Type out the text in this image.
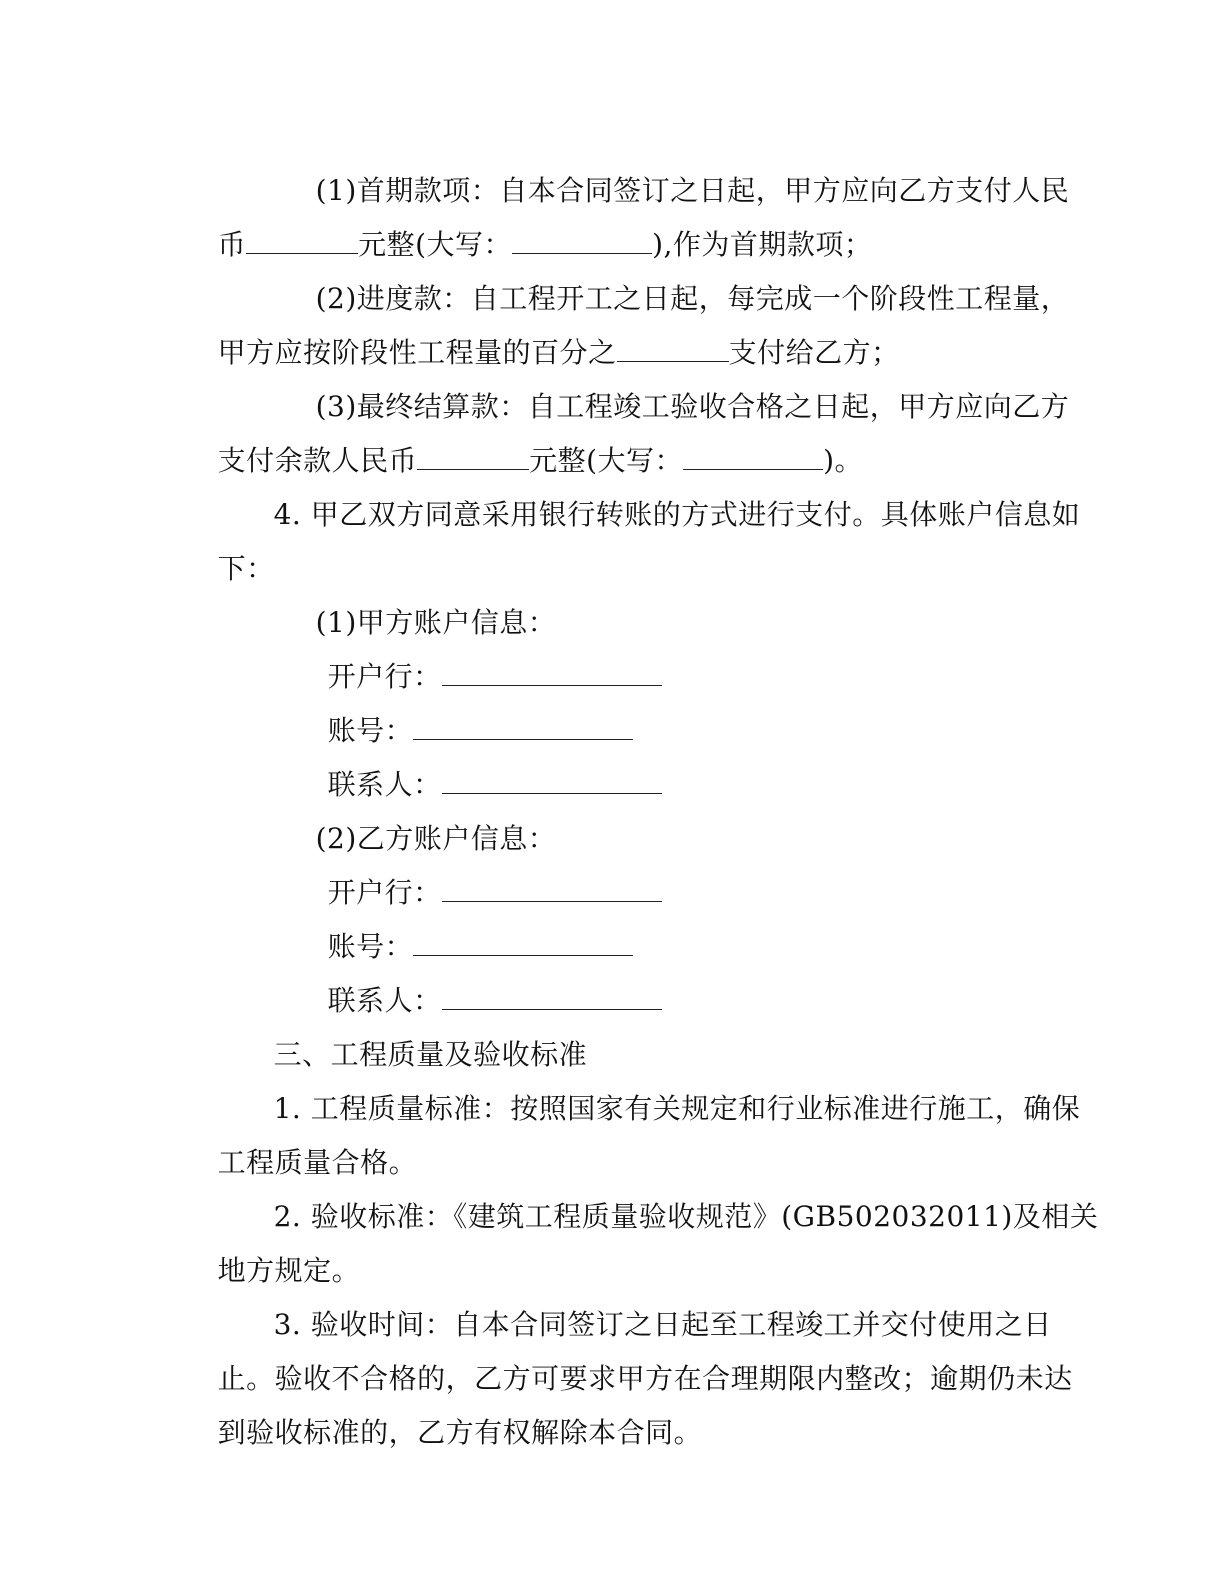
(1)首期款项：自本合同签订之日起，甲方应向乙方支付人民

币	元整(大写：	),作为首期款项；

(2)进度款：自工程开工之日起，每完成一个阶段性工程量，

甲方应按阶段性工程量的百分之	支付给乙方；

(3)最终结算款：自工程竣工验收合格之日起，甲方应向乙方

支付余款人民币	元整(大写：	)。

4. 甲乙双方同意采用银行转账的方式进行支付。具体账户信息如

下：

(1)甲方账户信息：

开户行：

账号：

联系人：

(2)乙方账户信息：

开户行：

账号：

联系人：

三、工程质量及验收标准

1. 工程质量标准：按照国家有关规定和行业标准进行施工，确保

工程质量合格。

2. 验收标准：《建筑工程质量验收规范》(GB502032011)及相关

地方规定。

3. 验收时间：自本合同签订之日起至工程竣工并交付使用之日

止。验收不合格的，乙方可要求甲方在合理期限内整改；逾期仍未达

到验收标准的，乙方有权解除本合同。
